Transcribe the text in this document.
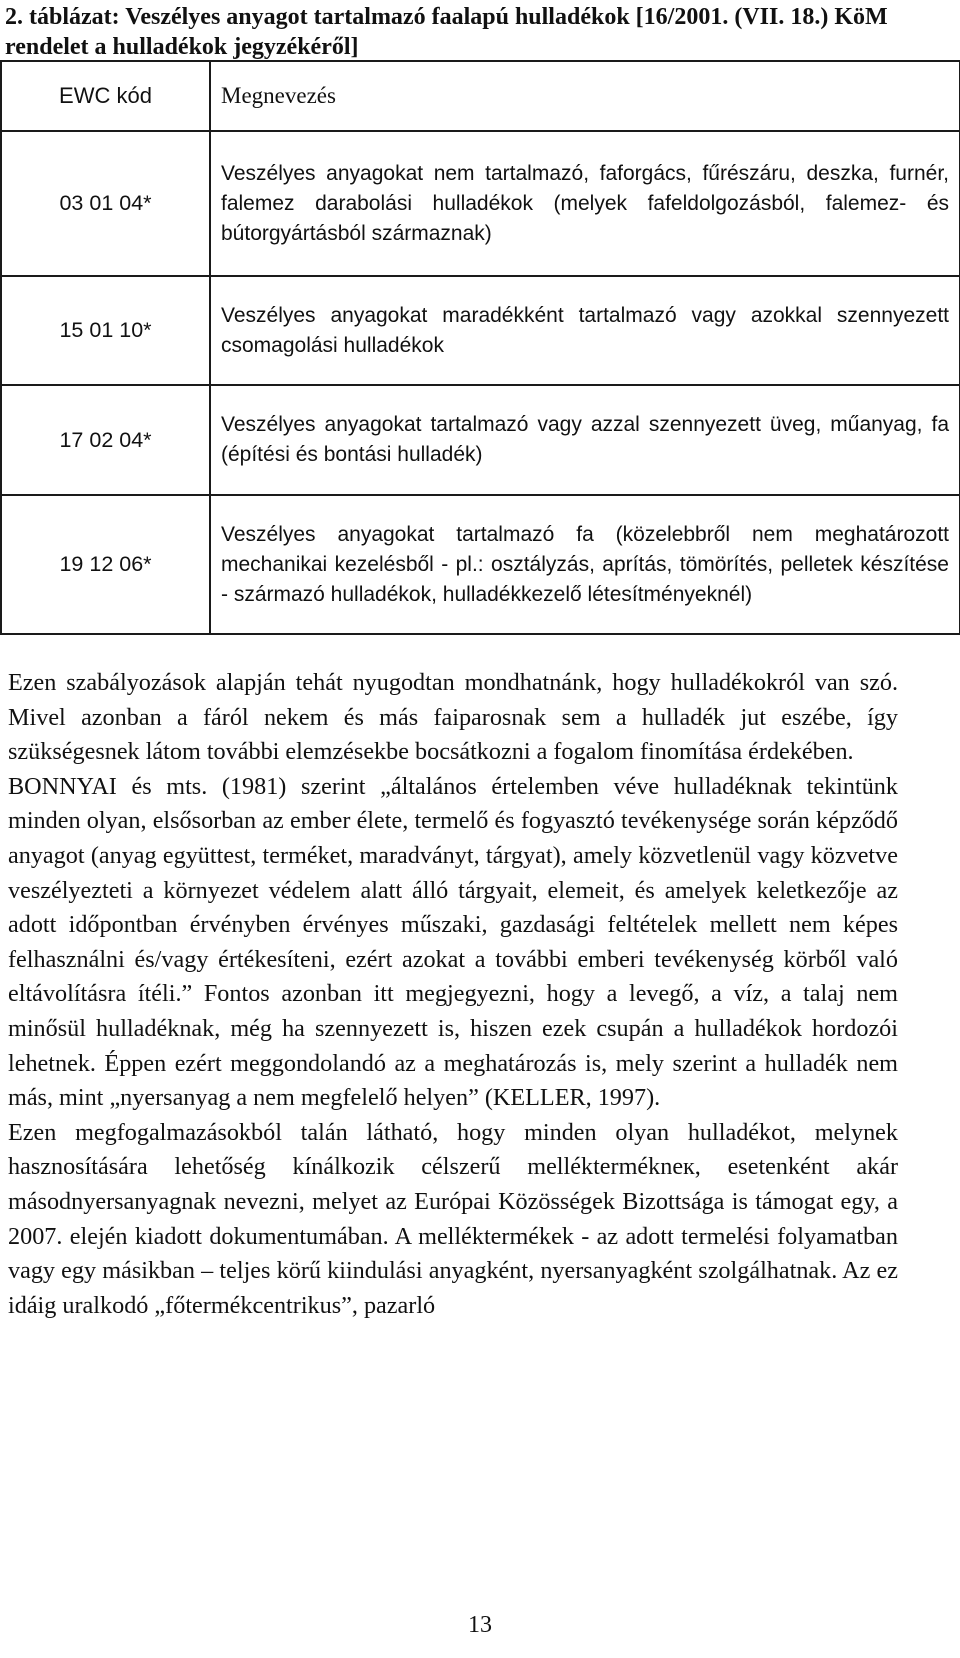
2. táblázat: Veszélyes anyagot tartalmazó faalapú hulladékok [16/2001. (VII. 18.) KöM rendelet a hulladékok jegyzékéről]
EWC kód	Megnevezés
03 01 04*	Veszélyes anyagokat nem tartalmazó, faforgács, fűrészáru, deszka, furnér, falemez darabolási hulladékok (melyek fafeldolgozásból, falemez- és bútorgyártásból származnak)
15 01 10*	Veszélyes anyagokat maradékként tartalmazó vagy azokkal szennyezett csomagolási hulladékok
17 02 04*	Veszélyes anyagokat tartalmazó vagy azzal szennyezett üveg, műanyag, fa (építési és bontási hulladék)
19 12 06*	Veszélyes anyagokat tartalmazó fa (közelebbről nem meghatározott mechanikai kezelésből - pl.: osztályzás, aprítás, tömörítés, pelletek készítése - származó hulladékok, hulladékkezelő létesítményeknél)

Ezen szabályozások alapján tehát nyugodtan mondhatnánk, hogy hulladékokról van szó. Mivel azonban a fáról nekem és más faiparosnak sem a hulladék jut eszébe, így szükségesnek látom további elemzésekbe bocsátkozni a fogalom finomítása érdekében.

BONNYAI és mts. (1981) szerint „általános értelemben véve hulladéknak tekintünk minden olyan, elsősorban az ember élete, termelő és fogyasztó tevékenysége során képződő anyagot (anyag együttest, terméket, maradványt, tárgyat), amely közvetlenül vagy közvetve veszélyezteti a környezet védelem alatt álló tárgyait, elemeit, és amelyek keletkezője az adott időpontban érvényben érvényes műszaki, gazdasági feltételek mellett nem képes felhasználni és/vagy értékesíteni, ezért azokat a további emberi tevékenység körből való eltávolításra ítéli.” Fontos azonban itt megjegyezni, hogy a levegő, a víz, a talaj nem minősül hulladéknak, még ha szennyezett is, hiszen ezek csupán a hulladékok hordozói lehetnek. Éppen ezért meggondolandó az a meghatározás is, mely szerint a hulladék nem más, mint „nyersanyag a nem megfelelő helyen” (KELLER, 1997).

Ezen megfogalmazásokból talán látható, hogy minden olyan hulladékot, melynek hasznosítására lehetőség kínálkozik célszerű melléktermékneк, esetenként akár másodnyersanyagnak nevezni, melyet az Európai Közösségek Bizottsága is támogat egy, a 2007. elején kiadott dokumentumában. A melléktermékek - az adott termelési folyamatban vagy egy másikban – teljes körű kiindulási anyagként, nyersanyagként szolgálhatnak. Az ez idáig uralkodó „főtermékcentrikus”, pazarló

13
